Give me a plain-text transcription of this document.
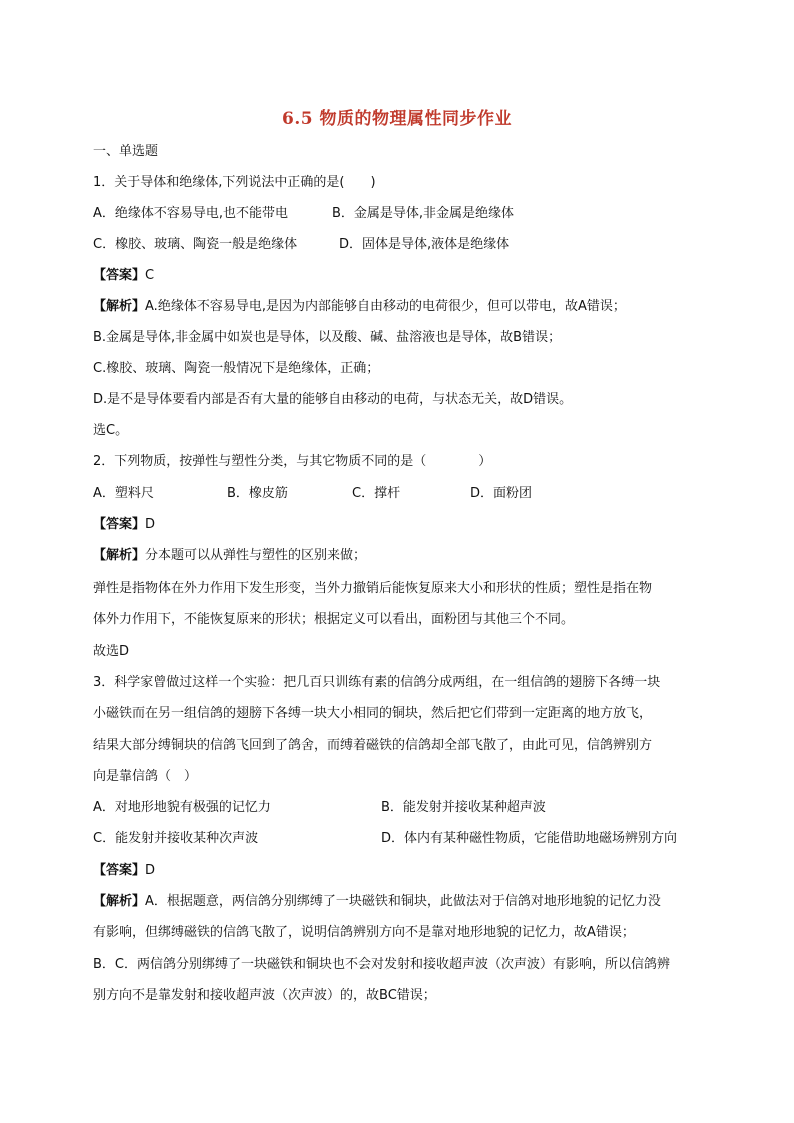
6.5 物质的物理属性同步作业
一、单选题
1．关于导体和绝缘体,下列说法中正确的是(　　)
A．绝缘体不容易导电,也不能带电	B．金属是导体,非金属是绝缘体
C．橡胶、玻璃、陶瓷一般是绝缘体	D．固体是导体,液体是绝缘体
【答案】C
【解析】A.绝缘体不容易导电,是因为内部能够自由移动的电荷很少，但可以带电，故A错误；
B.金属是导体,非金属中如炭也是导体，以及酸、碱、盐溶液也是导体，故B错误；
C.橡胶、玻璃、陶瓷一般情况下是绝缘体，正确；
D.是不是导体要看内部是否有大量的能够自由移动的电荷，与状态无关，故D错误。
选C。
2．下列物质，按弹性与塑性分类，与其它物质不同的是（　　　　）
A．塑料尺	B．橡皮筋	C．撑杆	D．面粉团
【答案】D
【解析】分本题可以从弹性与塑性的区别来做；
弹性是指物体在外力作用下发生形变，当外力撤销后能恢复原来大小和形状的性质；塑性是指在物
体外力作用下，不能恢复原来的形状；根据定义可以看出，面粉团与其他三个不同。
故选D
3．科学家曾做过这样一个实验：把几百只训练有素的信鸽分成两组，在一组信鸽的翅膀下各缚一块
小磁铁而在另一组信鸽的翅膀下各缚一块大小相同的铜块，然后把它们带到一定距离的地方放飞，
结果大部分缚铜块的信鸽飞回到了鸽舍，而缚着磁铁的信鸽却全部飞散了，由此可见，信鸽辨别方
向是靠信鸽（　）
A．对地形地貌有极强的记忆力	B．能发射并接收某种超声波
C．能发射并接收某种次声波	D．体内有某种磁性物质，它能借助地磁场辨别方向
【答案】D
【解析】A．根据题意，两信鸽分别绑缚了一块磁铁和铜块，此做法对于信鸽对地形地貌的记忆力没
有影响，但绑缚磁铁的信鸽飞散了，说明信鸽辨别方向不是靠对地形地貌的记忆力，故A错误；
B．C．两信鸽分别绑缚了一块磁铁和铜块也不会对发射和接收超声波（次声波）有影响，所以信鸽辨
别方向不是靠发射和接收超声波（次声波）的，故BC错误；
